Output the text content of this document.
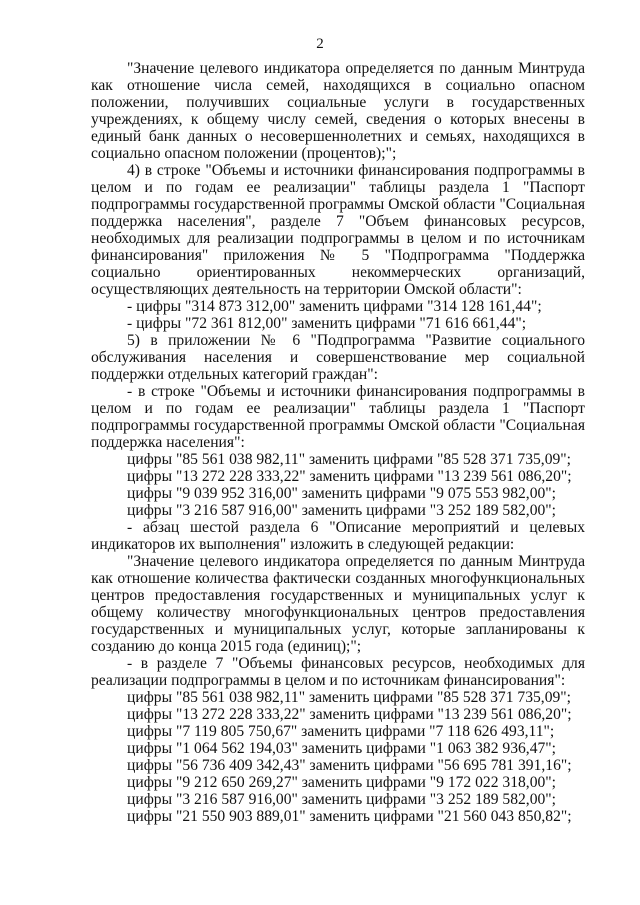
2

"Значение целевого индикатора определяется по данным Минтруда как отношение числа семей, находящихся в социально опасном положении, получивших социальные услуги в государственных учреждениях, к общему числу семей, сведения о которых внесены в единый банк данных о несовершеннолетних и семьях, находящихся в социально опасном положении (процентов);";

4) в строке "Объемы и источники финансирования подпрограммы в целом и по годам ее реализации" таблицы раздела 1 "Паспорт подпрограммы государственной программы Омской области "Социальная поддержка населения", разделе 7 "Объем финансовых ресурсов, необходимых для реализации подпрограммы в целом и по источникам финансирования" приложения № 5 "Подпрограмма "Поддержка социально ориентированных некоммерческих организаций, осуществляющих деятельность на территории Омской области":

- цифры "314 873 312,00" заменить цифрами "314 128 161,44";

- цифры "72 361 812,00" заменить цифрами "71 616 661,44";

5) в приложении № 6 "Подпрограмма "Развитие социального обслуживания населения и совершенствование мер социальной поддержки отдельных категорий граждан":

- в строке "Объемы и источники финансирования подпрограммы в целом и по годам ее реализации" таблицы раздела 1 "Паспорт подпрограммы государственной программы Омской области "Социальная поддержка населения":

цифры "85 561 038 982,11" заменить цифрами "85 528 371 735,09";

цифры "13 272 228 333,22" заменить цифрами "13 239 561 086,20";

цифры "9 039 952 316,00" заменить цифрами "9 075 553 982,00";

цифры "3 216 587 916,00" заменить цифрами "3 252 189 582,00";

- абзац шестой раздела 6 "Описание мероприятий и целевых индикаторов их выполнения" изложить в следующей редакции:

"Значение целевого индикатора определяется по данным Минтруда как отношение количества фактически созданных многофункциональных центров предоставления государственных и муниципальных услуг к общему количеству многофункциональных центров предоставления государственных и муниципальных услуг, которые запланированы к созданию до конца 2015 года (единиц);";

- в разделе 7 "Объемы финансовых ресурсов, необходимых для реализации подпрограммы в целом и по источникам финансирования":

цифры "85 561 038 982,11" заменить цифрами "85 528 371 735,09";

цифры "13 272 228 333,22" заменить цифрами "13 239 561 086,20";

цифры "7 119 805 750,67" заменить цифрами "7 118 626 493,11";

цифры "1 064 562 194,03" заменить цифрами "1 063 382 936,47";

цифры "56 736 409 342,43" заменить цифрами "56 695 781 391,16";

цифры "9 212 650 269,27" заменить цифрами "9 172 022 318,00";

цифры "3 216 587 916,00" заменить цифрами "3 252 189 582,00";

цифры "21 550 903 889,01" заменить цифрами "21 560 043 850,82";
